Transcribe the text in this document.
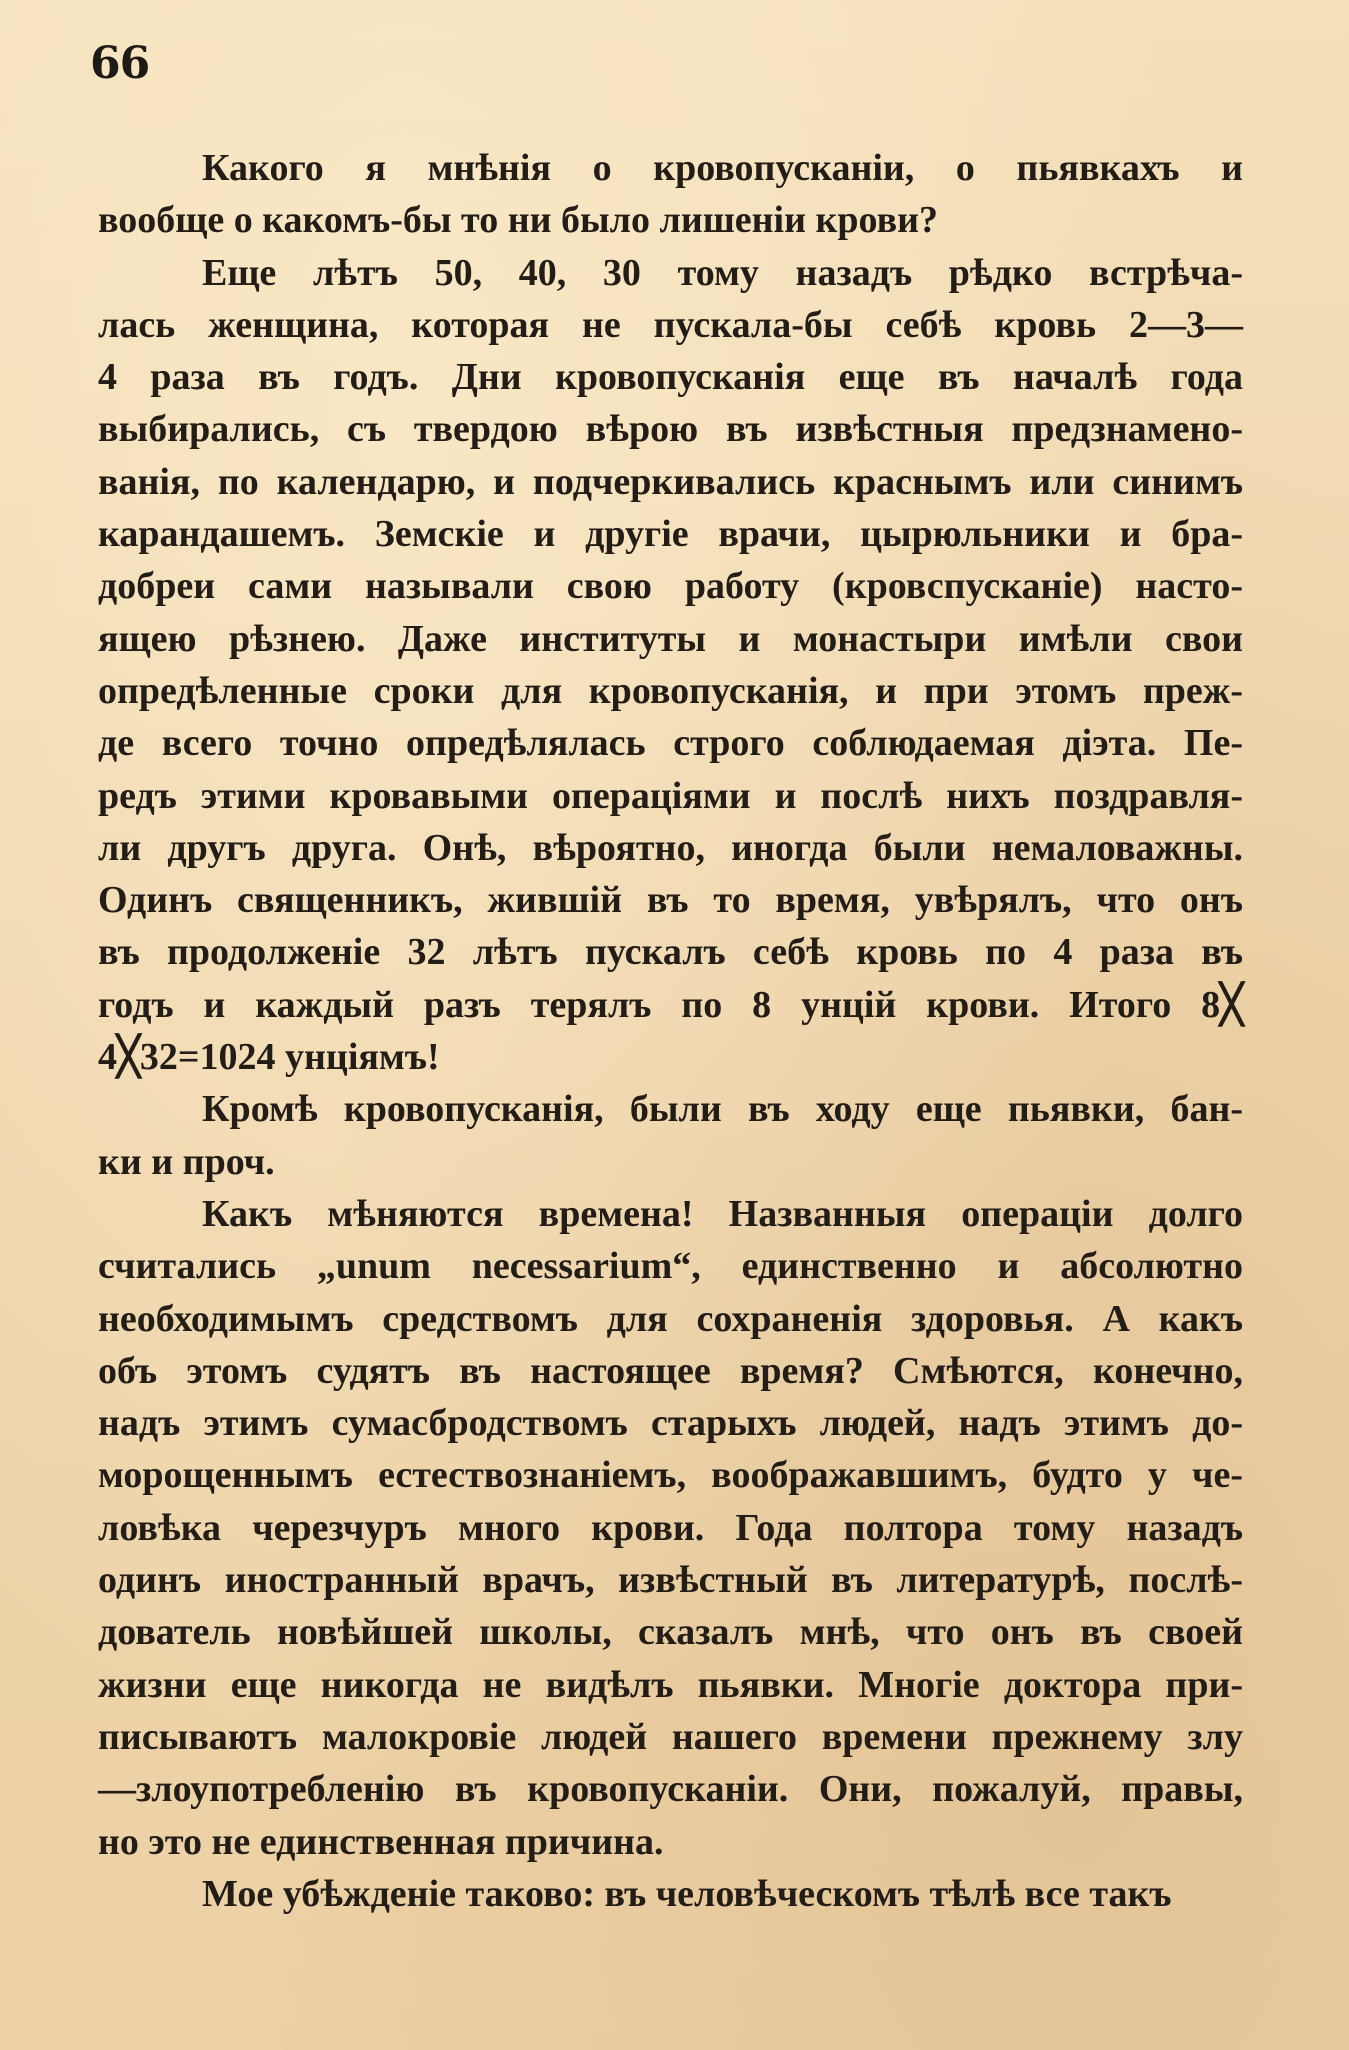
66
Какого я мнѣнія о кровопусканіи, о пьявкахъ и
вообще о какомъ-бы то ни было лишеніи крови?
Еще лѣтъ 50, 40, 30 тому назадъ рѣдко встрѣча-
лась женщина, которая не пускала-бы себѣ кровь 2—3—
4 раза въ годъ. Дни кровопусканія еще въ началѣ года
выбирались, съ твердою вѣрою въ извѣстныя предзнамено-
ванія, по календарю, и подчеркивались краснымъ или синимъ
карандашемъ. Земскіе и другіе врачи, цырюльники и бра-
добреи сами называли свою работу (кровспусканіе) насто-
ящею рѣзнею. Даже институты и монастыри имѣли свои
опредѣленные сроки для кровопусканія, и при этомъ преж-
де всего точно опредѣлялась строго соблюдаемая діэта. Пе-
редъ этими кровавыми операціями и послѣ нихъ поздравля-
ли другъ друга. Онѣ, вѣроятно, иногда были немаловажны.
Одинъ священникъ, жившій въ то время, увѣрялъ, что онъ
въ продолженіе 32 лѣтъ пускалъ себѣ кровь по 4 раза въ
годъ и каждый разъ терялъ по 8 унцій крови. Итого 8╳
4╳32=1024 унціямъ!
Кромѣ кровопусканія, были въ ходу еще пьявки, бан-
ки и проч.
Какъ мѣняются времена! Названныя операціи долго
считались „unum necessarium“, единственно и абсолютно
необходимымъ средствомъ для сохраненія здоровья. А какъ
объ этомъ судятъ въ настоящее время? Смѣются, конечно,
надъ этимъ сумасбродствомъ старыхъ людей, надъ этимъ до-
морощеннымъ естествознаніемъ, воображавшимъ, будто у че-
ловѣка черезчуръ много крови. Года полтора тому назадъ
одинъ иностранный врачъ, извѣстный въ литературѣ, послѣ-
дователь новѣйшей школы, сказалъ мнѣ, что онъ въ своей
жизни еще никогда не видѣлъ пьявки. Многіе доктора при-
писываютъ малокровіе людей нашего времени прежнему злу
—злоупотребленію въ кровопусканіи. Они, пожалуй, правы,
но это не единственная причина.
Мое убѣжденіе таково: въ человѣческомъ тѣлѣ все такъ
